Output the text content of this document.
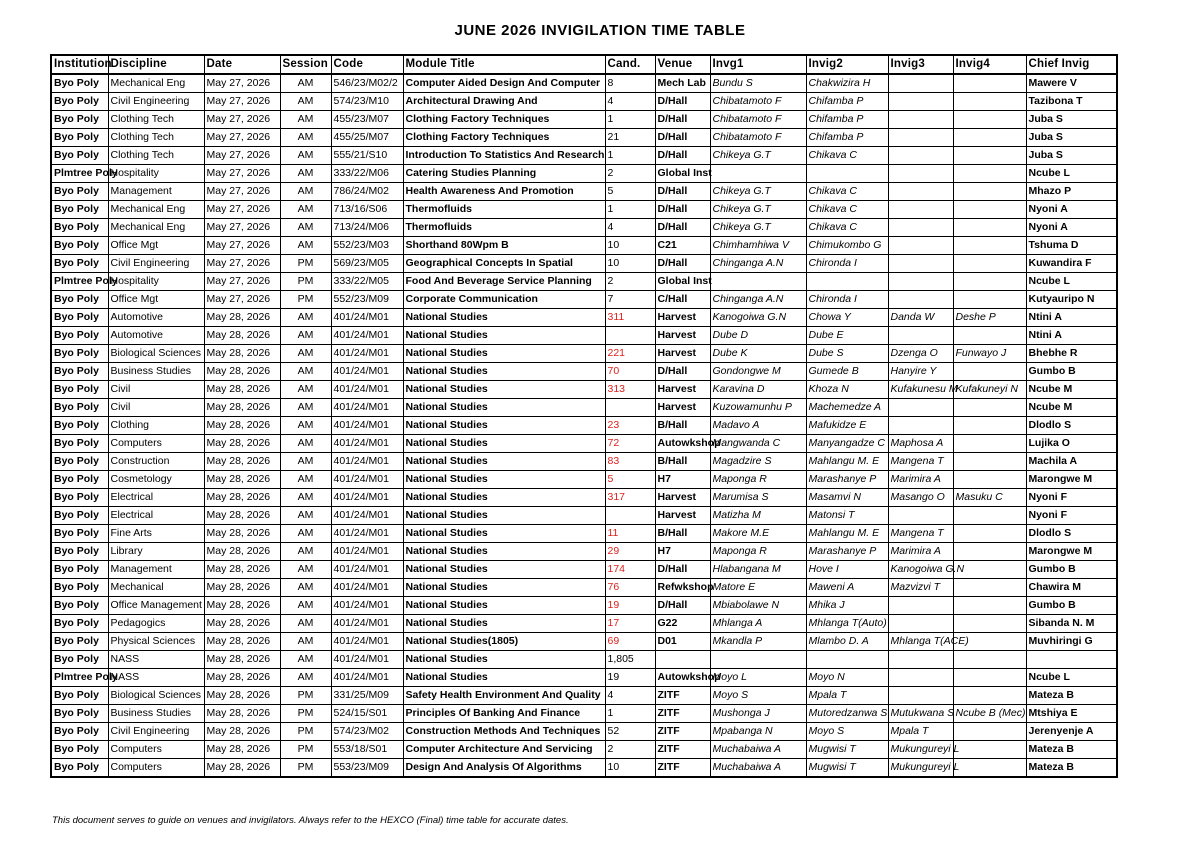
JUNE 2026 INVIGILATION TIME TABLE
Institution	Discipline	Date	Session	Code	Module Title	Cand.	Venue	Invg1	Invig2	Invig3	Invig4	Chief Invig
Byo Poly	Mechanical Eng	May 27, 2026	AM	546/23/M02/2	Computer Aided Design And Computer	8	Mech Lab	Bundu S	Chakwizira H			Mawere V
Byo Poly	Civil Engineering	May 27, 2026	AM	574/23/M10	Architectural Drawing And	4	D/Hall	Chibatamoto F	Chifamba P			Tazibona T
Byo Poly	Clothing Tech	May 27, 2026	AM	455/23/M07	Clothing Factory Techniques	1	D/Hall	Chibatamoto F	Chifamba P			Juba S
Byo Poly	Clothing Tech	May 27, 2026	AM	455/25/M07	Clothing Factory Techniques	21	D/Hall	Chibatamoto F	Chifamba P			Juba S
Byo Poly	Clothing Tech	May 27, 2026	AM	555/21/S10	Introduction To Statistics And Research	1	D/Hall	Chikeya G.T	Chikava C			Juba S
Plmtree Poly	Hospitality	May 27, 2026	AM	333/22/M06	Catering Studies Planning	2	Global Inst					Ncube L
Byo Poly	Management	May 27, 2026	AM	786/24/M02	Health Awareness And Promotion	5	D/Hall	Chikeya G.T	Chikava C			Mhazo P
Byo Poly	Mechanical Eng	May 27, 2026	AM	713/16/S06	Thermofluids	1	D/Hall	Chikeya G.T	Chikava C			Nyoni A
Byo Poly	Mechanical Eng	May 27, 2026	AM	713/24/M06	Thermofluids	4	D/Hall	Chikeya G.T	Chikava C			Nyoni A
Byo Poly	Office Mgt	May 27, 2026	AM	552/23/M03	Shorthand 80Wpm B	10	C21	Chimhamhiwa V	Chimukombo G			Tshuma D
Byo Poly	Civil Engineering	May 27, 2026	PM	569/23/M05	Geographical Concepts In Spatial	10	D/Hall	Chinganga A.N	Chironda I			Kuwandira F
Plmtree Poly	Hospitality	May 27, 2026	PM	333/22/M05	Food And Beverage Service Planning	2	Global Inst					Ncube L
Byo Poly	Office Mgt	May 27, 2026	PM	552/23/M09	Corporate Communication	7	C/Hall	Chinganga A.N	Chironda I			Kutyauripo N
Byo Poly	Automotive	May 28, 2026	AM	401/24/M01	National Studies	311	Harvest	Kanogoiwa G.N	Chowa Y	Danda W	Deshe P	Ntini A
Byo Poly	Automotive	May 28, 2026	AM	401/24/M01	National Studies		Harvest	Dube D	Dube E			Ntini A
Byo Poly	Biological Sciences	May 28, 2026	AM	401/24/M01	National Studies	221	Harvest	Dube K	Dube S	Dzenga O	Funwayo J	Bhebhe R
Byo Poly	Business Studies	May 28, 2026	AM	401/24/M01	National Studies	70	D/Hall	Gondongwe M	Gumede B	Hanyire Y		Gumbo B
Byo Poly	Civil	May 28, 2026	AM	401/24/M01	National Studies	313	Harvest	Karavina D	Khoza N	Kufakunesu M	Kufakuneyi N	Ncube M
Byo Poly	Civil	May 28, 2026	AM	401/24/M01	National Studies		Harvest	Kuzowamunhu P	Machemedze A			Ncube M
Byo Poly	Clothing	May 28, 2026	AM	401/24/M01	National Studies	23	B/Hall	Madavo A	Mafukidze E			Dlodlo S
Byo Poly	Computers	May 28, 2026	AM	401/24/M01	National Studies	72	Autowkshop	Mangwanda C	Manyangadze C	Maphosa A		Lujika O
Byo Poly	Construction	May 28, 2026	AM	401/24/M01	National Studies	83	B/Hall	Magadzire S	Mahlangu M. E	Mangena T		Machila A
Byo Poly	Cosmetology	May 28, 2026	AM	401/24/M01	National Studies	5	H7	Maponga R	Marashanye P	Marimira A		Marongwe M
Byo Poly	Electrical	May 28, 2026	AM	401/24/M01	National Studies	317	Harvest	Marumisa S	Masamvi N	Masango O	Masuku C	Nyoni F
Byo Poly	Electrical	May 28, 2026	AM	401/24/M01	National Studies		Harvest	Matizha M	Matonsi T			Nyoni F
Byo Poly	Fine Arts	May 28, 2026	AM	401/24/M01	National Studies	11	B/Hall	Makore M.E	Mahlangu M. E	Mangena T		Dlodlo S
Byo Poly	Library	May 28, 2026	AM	401/24/M01	National Studies	29	H7	Maponga R	Marashanye P	Marimira A		Marongwe M
Byo Poly	Management	May 28, 2026	AM	401/24/M01	National Studies	174	D/Hall	Hlabangana M	Hove I	Kanogoiwa G.N		Gumbo B
Byo Poly	Mechanical	May 28, 2026	AM	401/24/M01	National Studies	76	Refwkshop	Matore E	Maweni A	Mazvizvi T		Chawira M
Byo Poly	Office Management	May 28, 2026	AM	401/24/M01	National Studies	19	D/Hall	Mbiabolawe N	Mhika J			Gumbo B
Byo Poly	Pedagogics	May 28, 2026	AM	401/24/M01	National Studies	17	G22	Mhlanga A	Mhlanga T(Auto)			Sibanda N. M
Byo Poly	Physical Sciences	May 28, 2026	AM	401/24/M01	National Studies(1805)	69	D01	Mkandla P	Mlambo D. A	Mhlanga T(ACE)		Muvhiringi G
Byo Poly	NASS	May 28, 2026	AM	401/24/M01	National Studies	1,805						
Plmtree Poly	NASS	May 28, 2026	AM	401/24/M01	National Studies	19	Autowkshop	Moyo L	Moyo N			Ncube L
Byo Poly	Biological Sciences	May 28, 2026	PM	331/25/M09	Safety Health Environment And Quality	4	ZITF	Moyo S	Mpala T			Mateza B
Byo Poly	Business Studies	May 28, 2026	PM	524/15/S01	Principles Of Banking And Finance	1	ZITF	Mushonga J	Mutoredzanwa S	Mutukwana S	Ncube B (Mec)	Mtshiya E
Byo Poly	Civil Engineering	May 28, 2026	PM	574/23/M02	Construction Methods And Techniques	52	ZITF	Mpabanga N	Moyo S	Mpala T		Jerenyenje A
Byo Poly	Computers	May 28, 2026	PM	553/18/S01	Computer Architecture And Servicing	2	ZITF	Muchabaiwa A	Mugwisi T	Mukungureyi L		Mateza B
Byo Poly	Computers	May 28, 2026	PM	553/23/M09	Design And Analysis Of Algorithms	10	ZITF	Muchabaiwa A	Mugwisi T	Mukungureyi L		Mateza B
This document serves to guide on venues and invigilators. Always refer to the HEXCO (Final) time table for accurate dates.
